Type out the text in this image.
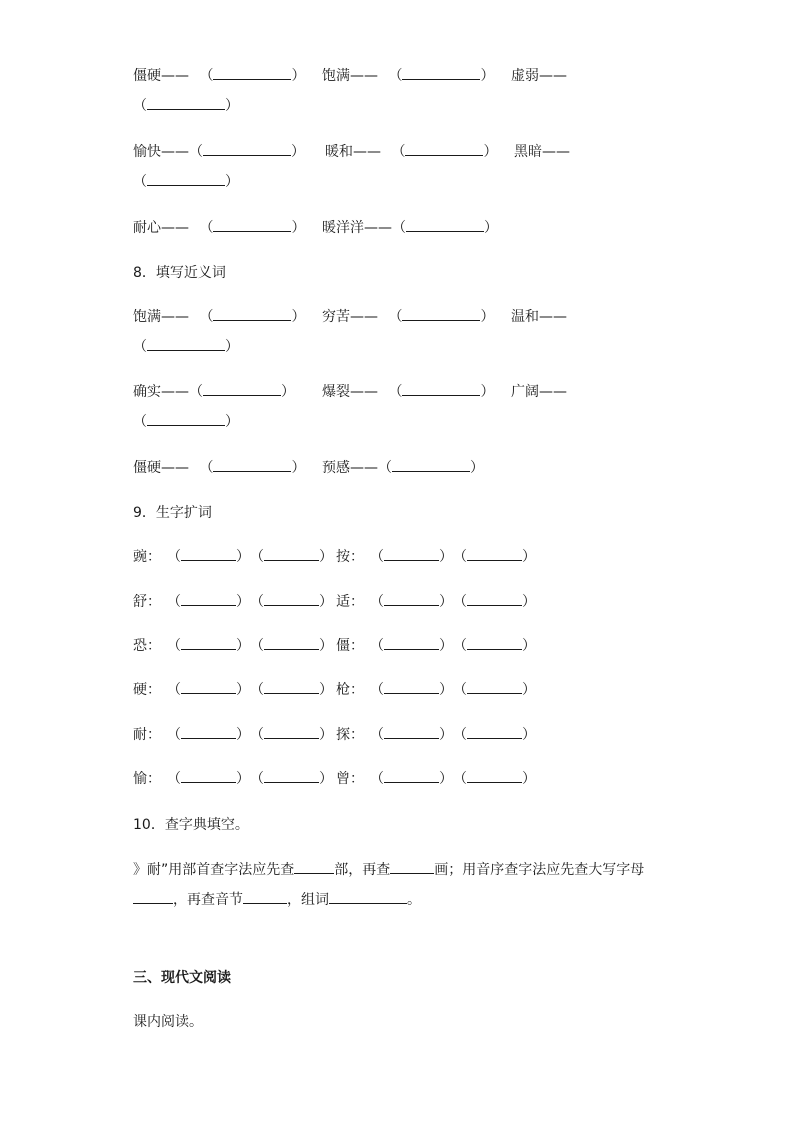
僵硬—— （	） 饱满—— （	） 虚弱——
（	）
愉快——（	） 暖和—— （	） 黑暗——
（	）
耐心—— （	） 暖洋洋——（	）
8．填写近义词
饱满—— （	） 穷苦—— （	） 温和——
（	）
确实——（	） 爆裂—— （	） 广阔——
（	）
僵硬—— （	） 预感——（	）
9．生字扩词
豌： （	）（	） 按： （	）（	）
舒： （	）（	） 适： （	）（	）
恐： （	）（	） 僵： （	）（	）
硬： （	）（	） 枪： （	）（	）
耐： （	）（	） 探： （	）（	）
愉： （	）（	） 曾： （	）（	）
10．查字典填空。
》耐”用部首查字法应先查	部，再查	画；用音序查字法应先查大写字母
，再查音节	，组词	。
三、现代文阅读
课内阅读。
